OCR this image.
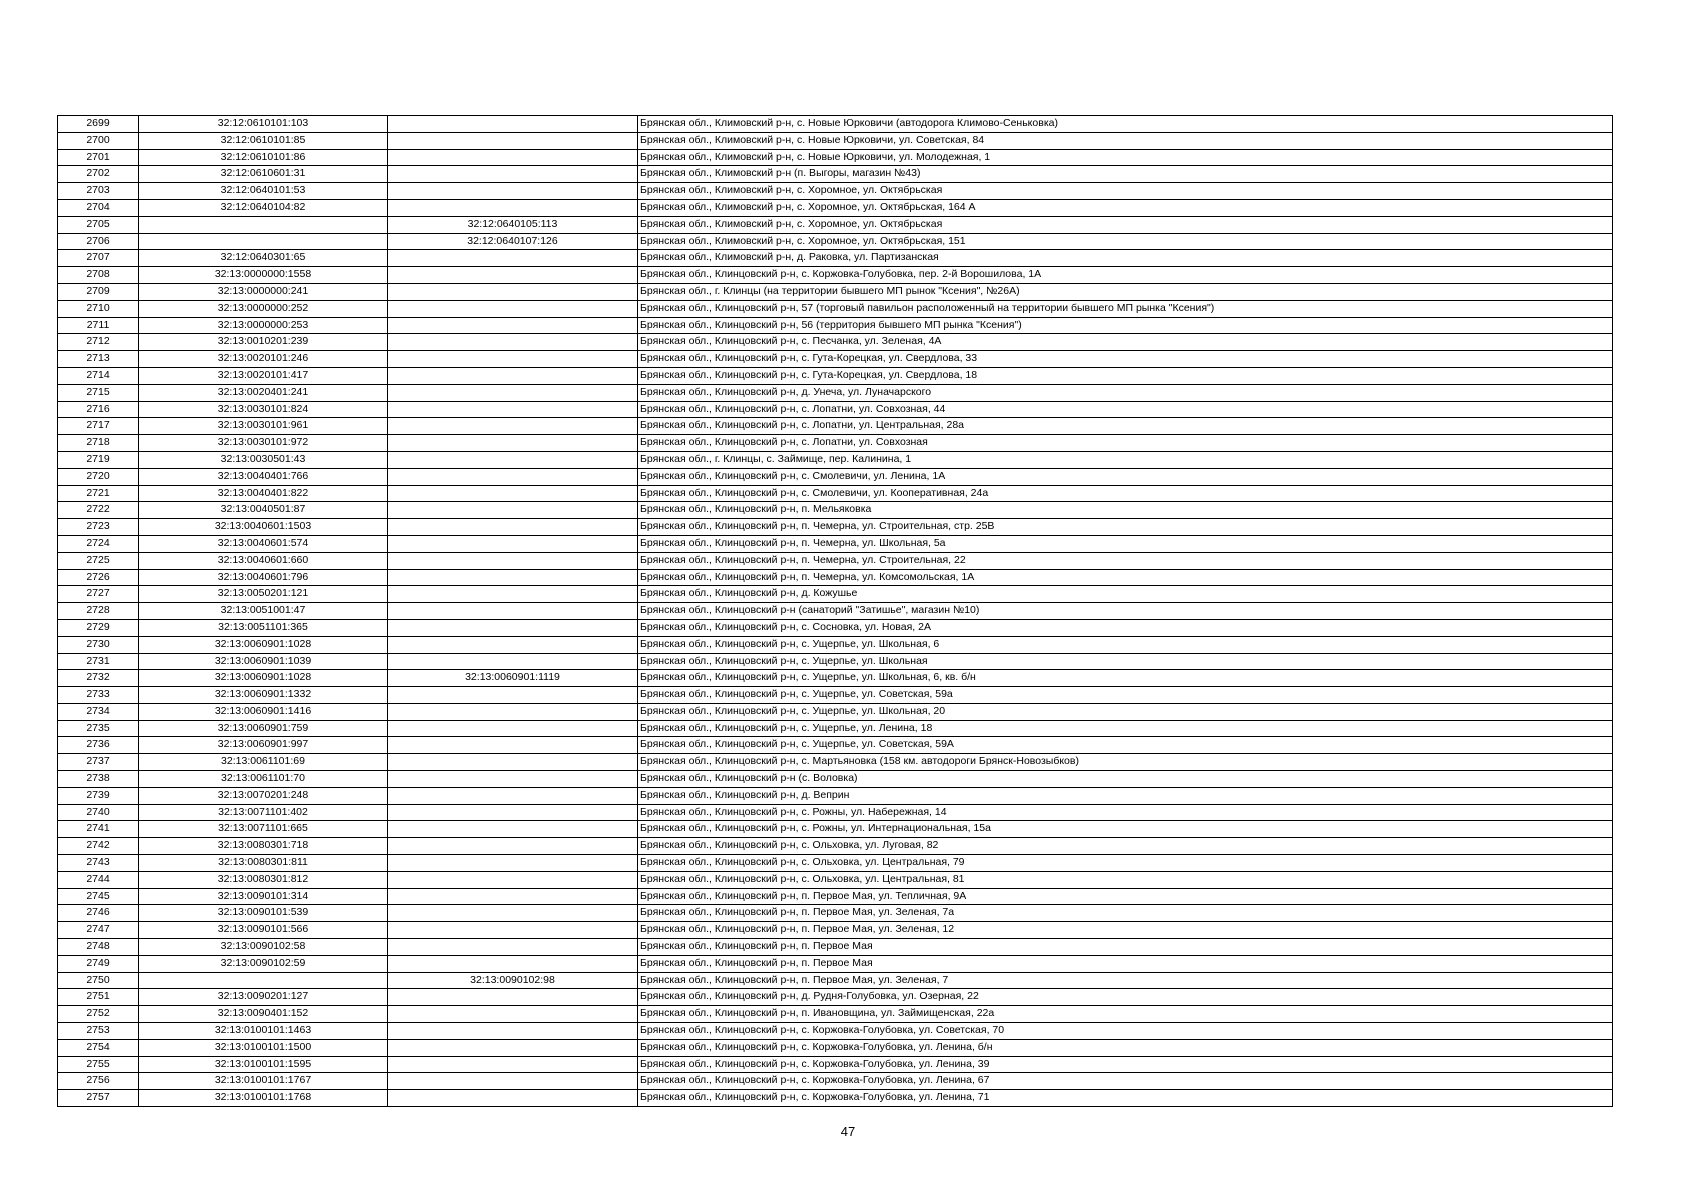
2699	32:12:0610101:103		Брянская обл., Климовский р-н, с. Новые Юрковичи (автодорога Климово-Сеньковка)
2700	32:12:0610101:85		Брянская обл., Климовский р-н, с. Новые Юрковичи, ул. Советская, 84
2701	32:12:0610101:86		Брянская обл., Климовский р-н, с. Новые Юрковичи, ул. Молодежная, 1
2702	32:12:0610601:31		Брянская обл., Климовский р-н (п. Выгоры, магазин №43)
2703	32:12:0640101:53		Брянская обл., Климовский р-н, с. Хоромное, ул. Октябрьская
2704	32:12:0640104:82		Брянская обл., Климовский р-н, с. Хоромное, ул. Октябрьская, 164 А
2705		32:12:0640105:113	Брянская обл., Климовский р-н, с. Хоромное, ул. Октябрьская
2706		32:12:0640107:126	Брянская обл., Климовский р-н, с. Хоромное, ул. Октябрьская, 151
2707	32:12:0640301:65		Брянская обл., Климовский р-н, д. Раковка, ул. Партизанская
2708	32:13:0000000:1558		Брянская обл., Клинцовский р-н, с. Коржовка-Голубовка, пер. 2-й Ворошилова, 1А
2709	32:13:0000000:241		Брянская обл., г. Клинцы (на территории бывшего МП рынок "Ксения", №26А)
2710	32:13:0000000:252		Брянская обл., Клинцовский р-н, 57 (торговый павильон расположенный на территории бывшего МП рынка "Ксения")
2711	32:13:0000000:253		Брянская обл., Клинцовский р-н, 56 (территория бывшего МП рынка "Ксения")
2712	32:13:0010201:239		Брянская обл., Клинцовский р-н, с. Песчанка, ул. Зеленая, 4А
2713	32:13:0020101:246		Брянская обл., Клинцовский р-н, с. Гута-Корецкая, ул. Свердлова, 33
2714	32:13:0020101:417		Брянская обл., Клинцовский р-н, с. Гута-Корецкая, ул. Свердлова, 18
2715	32:13:0020401:241		Брянская обл., Клинцовский р-н, д. Унеча, ул. Луначарского
2716	32:13:0030101:824		Брянская обл., Клинцовский р-н, с. Лопатни, ул. Совхозная, 44
2717	32:13:0030101:961		Брянская обл., Клинцовский р-н, с. Лопатни, ул. Центральная, 28а
2718	32:13:0030101:972		Брянская обл., Клинцовский р-н, с. Лопатни, ул. Совхозная
2719	32:13:0030501:43		Брянская обл., г. Клинцы, с. Займище, пер. Калинина, 1
2720	32:13:0040401:766		Брянская обл., Клинцовский р-н, с. Смолевичи, ул. Ленина, 1А
2721	32:13:0040401:822		Брянская обл., Клинцовский р-н, с. Смолевичи, ул. Кооперативная, 24а
2722	32:13:0040501:87		Брянская обл., Клинцовский р-н, п. Мельяковка
2723	32:13:0040601:1503		Брянская обл., Клинцовский р-н, п. Чемерна, ул. Строительная, стр. 25В
2724	32:13:0040601:574		Брянская обл., Клинцовский р-н, п. Чемерна, ул. Школьная, 5а
2725	32:13:0040601:660		Брянская обл., Клинцовский р-н, п. Чемерна, ул. Строительная, 22
2726	32:13:0040601:796		Брянская обл., Клинцовский р-н, п. Чемерна, ул. Комсомольская, 1А
2727	32:13:0050201:121		Брянская обл., Клинцовский р-н, д. Кожушье
2728	32:13:0051001:47		Брянская обл., Клинцовский р-н (санаторий "Затишье", магазин №10)
2729	32:13:0051101:365		Брянская обл., Клинцовский р-н, с. Сосновка, ул. Новая, 2А
2730	32:13:0060901:1028		Брянская обл., Клинцовский р-н, с. Ущерпье, ул. Школьная, 6
2731	32:13:0060901:1039		Брянская обл., Клинцовский р-н, с. Ущерпье, ул. Школьная
2732	32:13:0060901:1028	32:13:0060901:1119	Брянская обл., Клинцовский р-н, с. Ущерпье, ул. Школьная, 6, кв. б/н
2733	32:13:0060901:1332		Брянская обл., Клинцовский р-н, с. Ущерпье, ул. Советская, 59а
2734	32:13:0060901:1416		Брянская обл., Клинцовский р-н, с. Ущерпье, ул. Школьная, 20
2735	32:13:0060901:759		Брянская обл., Клинцовский р-н, с. Ущерпье, ул. Ленина, 18
2736	32:13:0060901:997		Брянская обл., Клинцовский р-н, с. Ущерпье, ул. Советская, 59А
2737	32:13:0061101:69		Брянская обл., Клинцовский р-н, с. Мартьяновка (158 км. автодороги Брянск-Новозыбков)
2738	32:13:0061101:70		Брянская обл., Клинцовский р-н (с. Воловка)
2739	32:13:0070201:248		Брянская обл., Клинцовский р-н, д. Веприн
2740	32:13:0071101:402		Брянская обл., Клинцовский р-н, с. Рожны, ул. Набережная, 14
2741	32:13:0071101:665		Брянская обл., Клинцовский р-н, с. Рожны, ул. Интернациональная, 15а
2742	32:13:0080301:718		Брянская обл., Клинцовский р-н, с. Ольховка, ул. Луговая, 82
2743	32:13:0080301:811		Брянская обл., Клинцовский р-н, с. Ольховка, ул. Центральная, 79
2744	32:13:0080301:812		Брянская обл., Клинцовский р-н, с. Ольховка, ул. Центральная, 81
2745	32:13:0090101:314		Брянская обл., Клинцовский р-н, п. Первое Мая, ул. Тепличная, 9А
2746	32:13:0090101:539		Брянская обл., Клинцовский р-н, п. Первое Мая, ул. Зеленая, 7а
2747	32:13:0090101:566		Брянская обл., Клинцовский р-н, п. Первое Мая, ул. Зеленая, 12
2748	32:13:0090102:58		Брянская обл., Клинцовский р-н, п. Первое Мая
2749	32:13:0090102:59		Брянская обл., Клинцовский р-н, п. Первое Мая
2750		32:13:0090102:98	Брянская обл., Клинцовский р-н, п. Первое Мая, ул. Зеленая, 7
2751	32:13:0090201:127		Брянская обл., Клинцовский р-н, д. Рудня-Голубовка, ул. Озерная, 22
2752	32:13:0090401:152		Брянская обл., Клинцовский р-н, п. Ивановщина, ул. Займищенская, 22а
2753	32:13:0100101:1463		Брянская обл., Клинцовский р-н, с. Коржовка-Голубовка, ул. Советская, 70
2754	32:13:0100101:1500		Брянская обл., Клинцовский р-н, с. Коржовка-Голубовка, ул. Ленина, б/н
2755	32:13:0100101:1595		Брянская обл., Клинцовский р-н, с. Коржовка-Голубовка, ул. Ленина, 39
2756	32:13:0100101:1767		Брянская обл., Клинцовский р-н, с. Коржовка-Голубовка, ул. Ленина, 67
2757	32:13:0100101:1768		Брянская обл., Клинцовский р-н, с. Коржовка-Голубовка, ул. Ленина, 71
47
